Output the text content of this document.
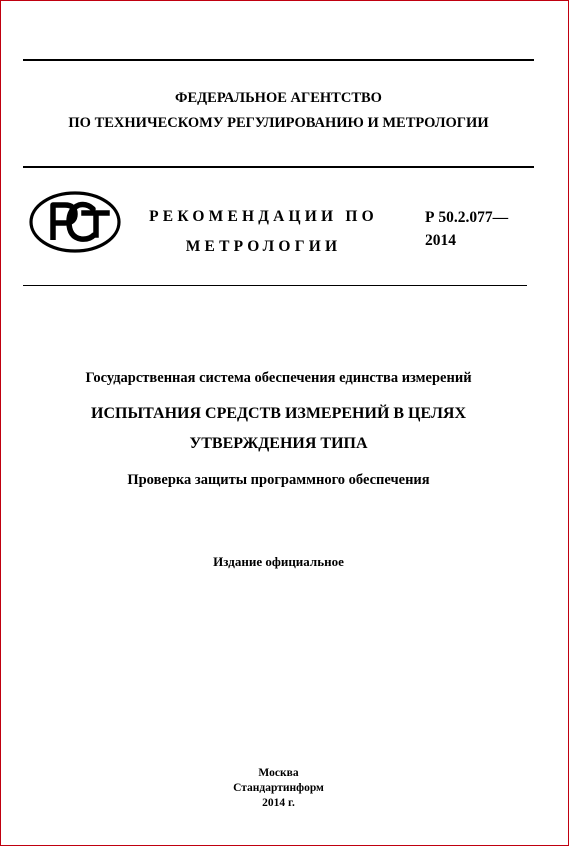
ФЕДЕРАЛЬНОЕ АГЕНТСТВО
ПО ТЕХНИЧЕСКОМУ РЕГУЛИРОВАНИЮ И МЕТРОЛОГИИ
РЕКОМЕНДАЦИИ ПО
МЕТРОЛОГИИ
Р 50.2.077—
2014
Государственная система обеспечения единства измерений
ИСПЫТАНИЯ СРЕДСТВ ИЗМЕРЕНИЙ В ЦЕЛЯХ
УТВЕРЖДЕНИЯ ТИПА
Проверка защиты программного обеспечения
Издание официальное
Москва
Стандартинформ
2014 г.
